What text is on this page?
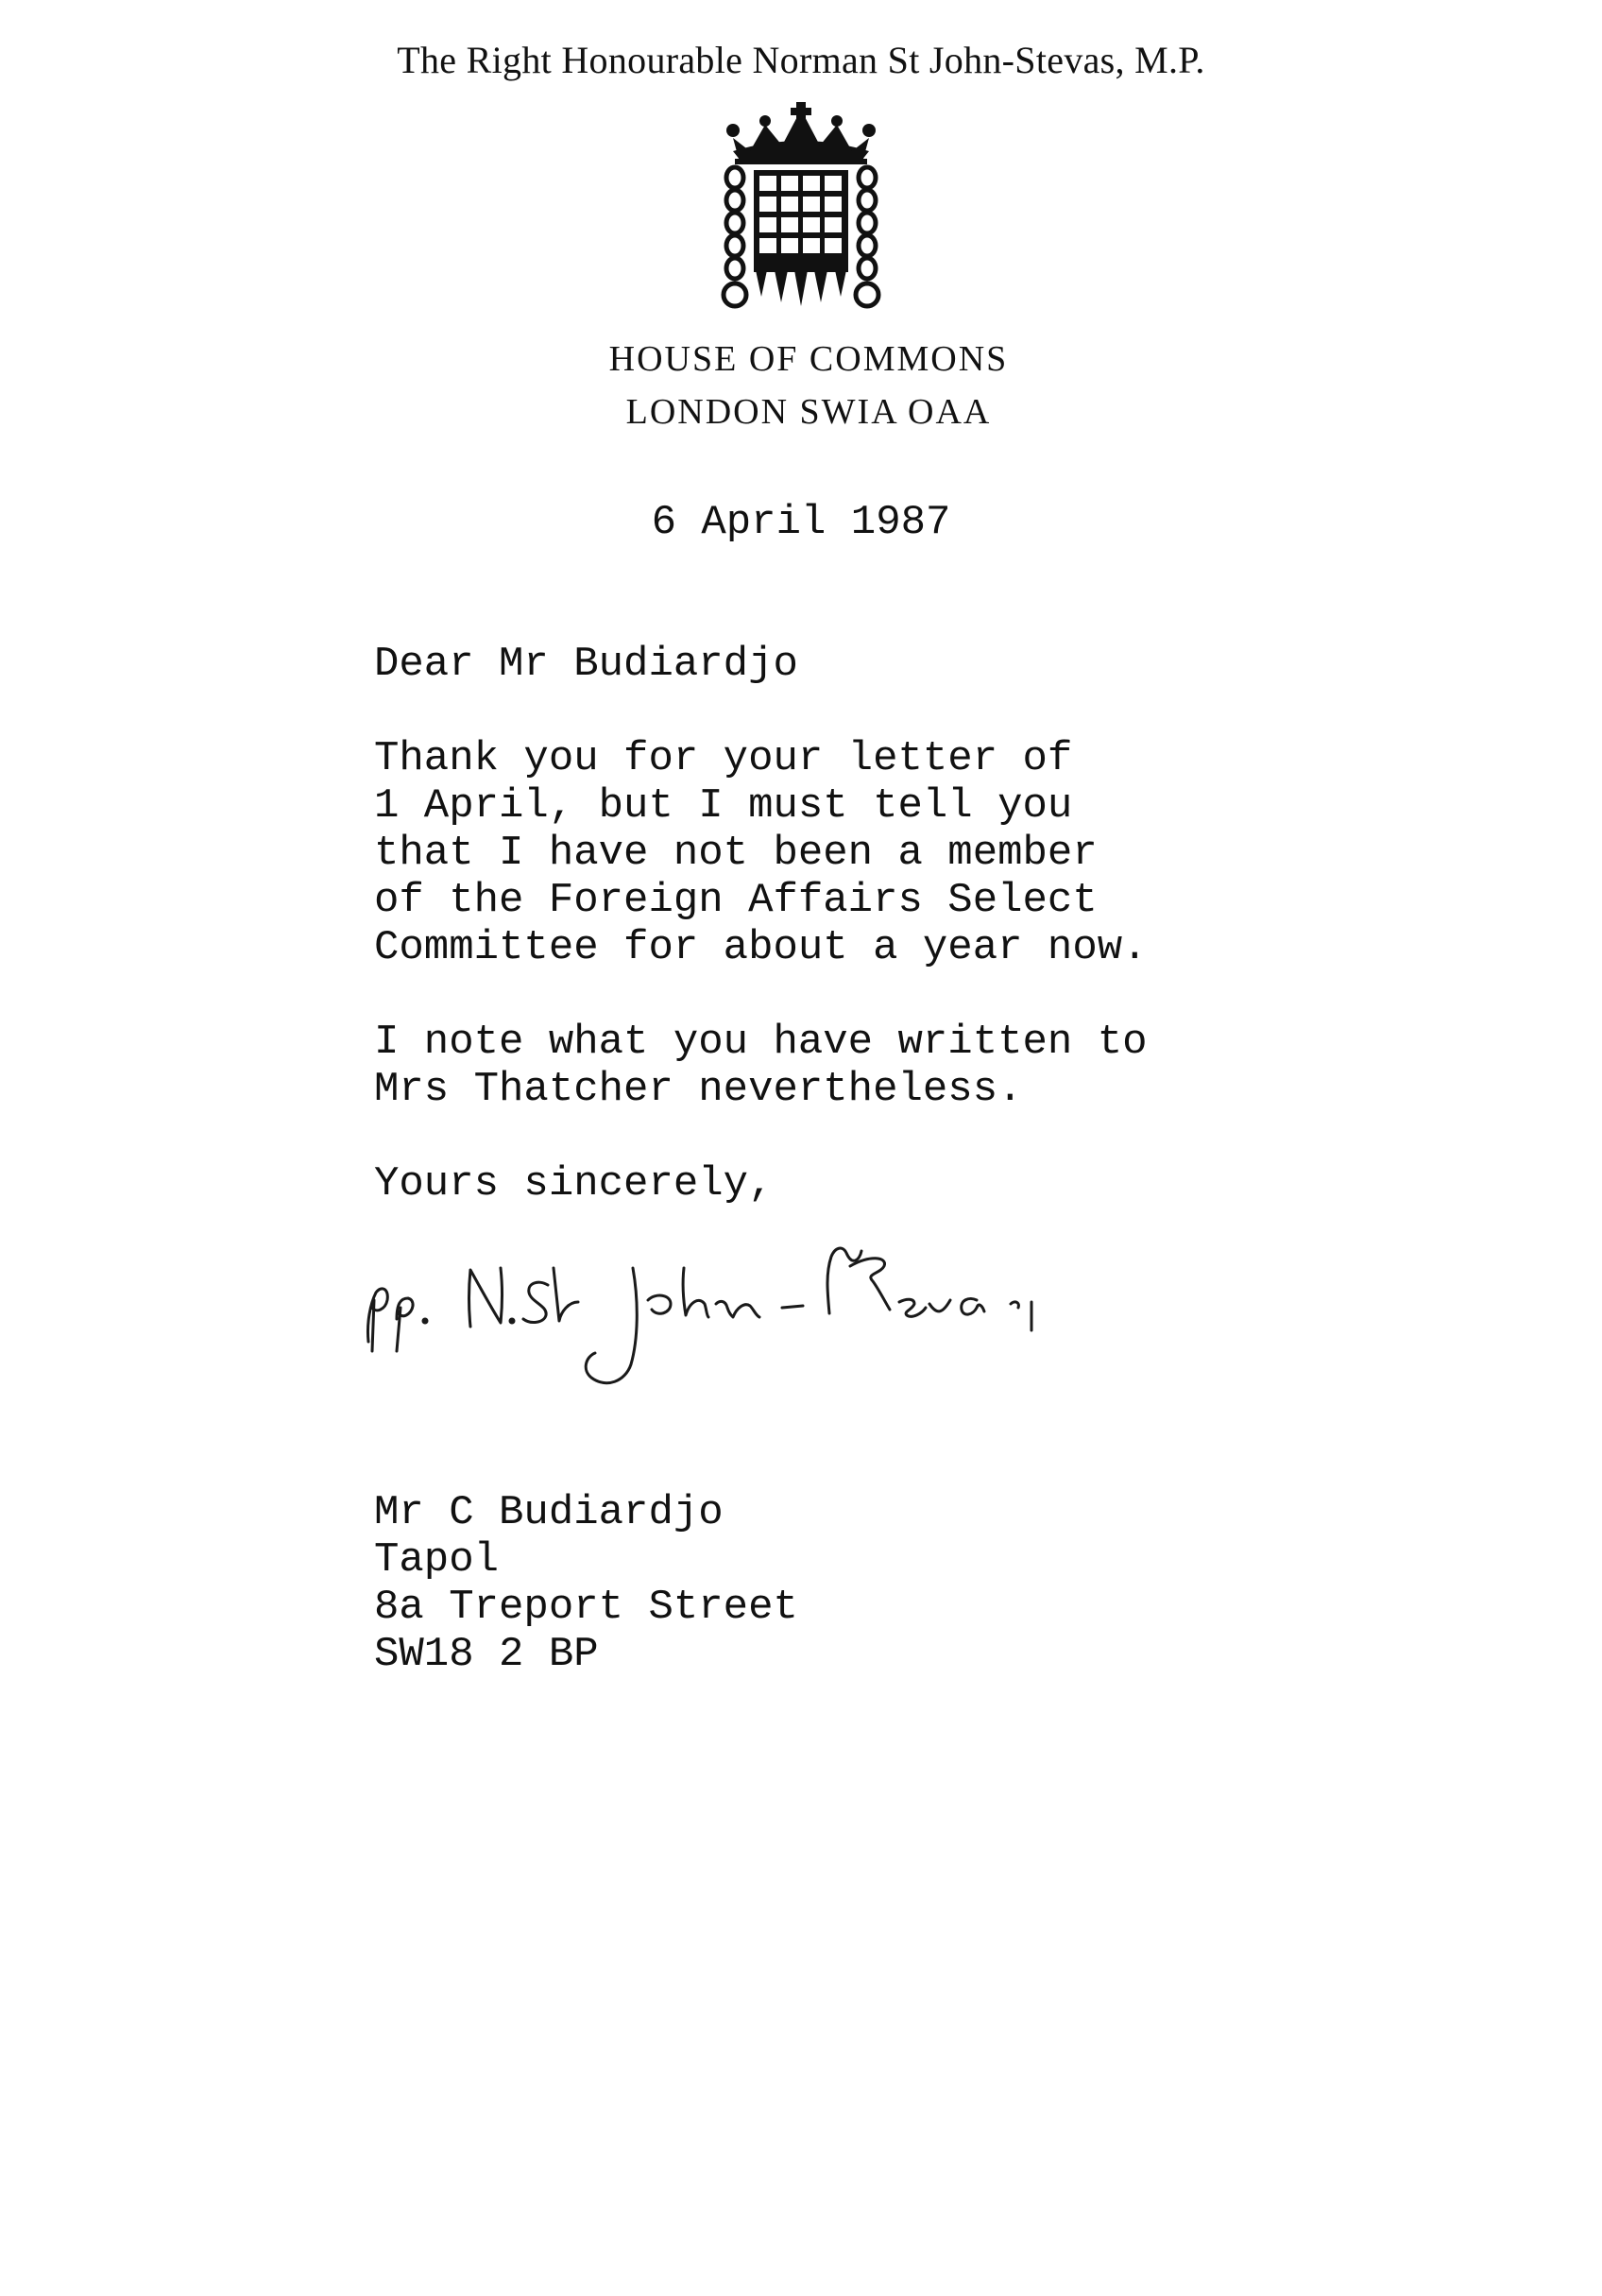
The Right Honourable Norman St John-Stevas, M.P.
HOUSE OF COMMONS
LONDON SWIA OAA
6 April 1987
Dear Mr Budiardjo

Thank you for your letter of
1 April, but I must tell you
that I have not been a member
of the Foreign Affairs Select
Committee for about a year now.

I note what you have written to
Mrs Thatcher nevertheless.

Yours sincerely,

Mr C Budiardjo
Tapol
8a Treport Street
SW18 2 BP
